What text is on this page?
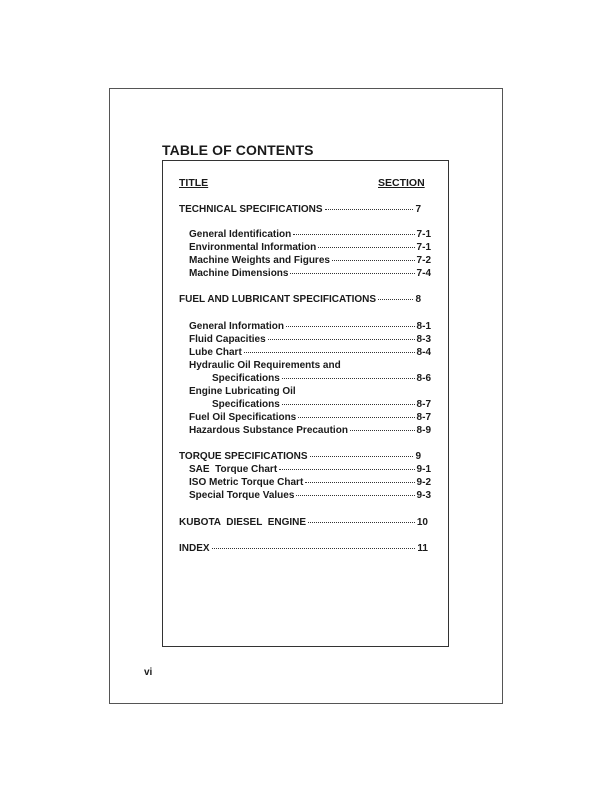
TABLE OF CONTENTS
TITLE	SECTION
TECHNICAL SPECIFICATIONS	7
General Identification	7-1
Environmental Information	7-1
Machine Weights and Figures	7-2
Machine Dimensions	7-4
FUEL AND LUBRICANT SPECIFICATIONS	8
General Information	8-1
Fluid Capacities	8-3
Lube Chart	8-4
Hydraulic Oil Requirements and
Specifications	8-6
Engine Lubricating Oil
Specifications	8-7
Fuel Oil Specifications	8-7
Hazardous Substance Precaution	8-9
TORQUE SPECIFICATIONS	9
SAE  Torque Chart	9-1
ISO Metric Torque Chart	9-2
Special Torque Values	9-3
KUBOTA  DIESEL  ENGINE	10
INDEX	11
vi
